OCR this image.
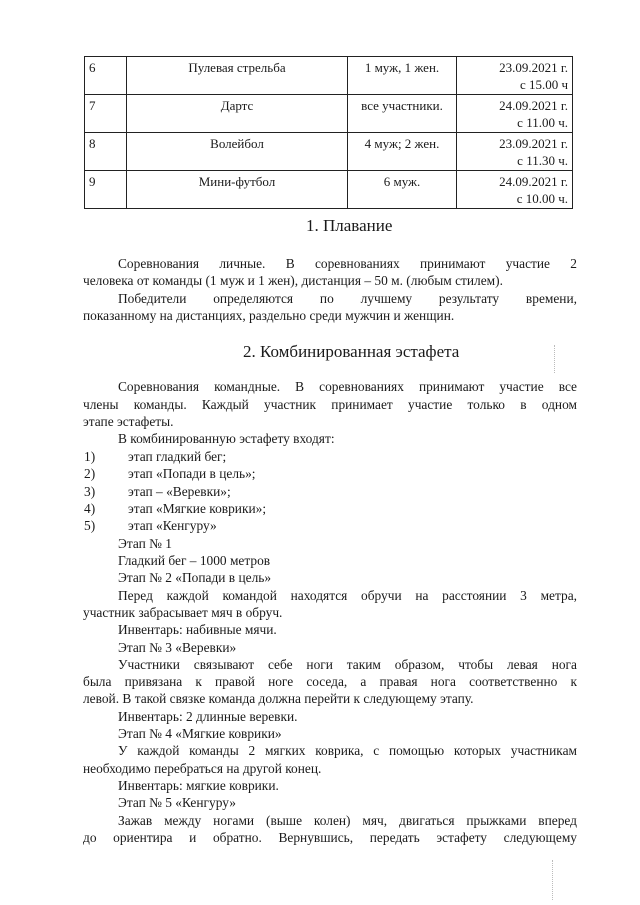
6	Пулевая стрельба	1 муж, 1 жен.	23.09.2021 г.
с 15.00 ч

7	Дартс	все участники.	24.09.2021 г.
с 11.00 ч.

8	Волейбол	4 муж; 2 жен.	23.09.2021 г.
с 11.30 ч.

9	Мини-футбол	6 муж.	24.09.2021 г.
с 10.00 ч.
1. Плавание
Соревнования личные. В соревнованиях принимают участие 2
человека от команды (1 муж и 1 жен), дистанция – 50 м. (любым стилем).
Победители определяются по лучшему результату времени,
показанному на дистанциях, раздельно среди мужчин и женщин.
2. Комбинированная эстафета
Соревнования командные. В соревнованиях принимают участие все
члены команды. Каждый участник принимает участие только в одном
этапе эстафеты.
В комбинированную эстафету входят:
1) этап гладкий бег;
2) этап «Попади в цель»;
3) этап – «Веревки»;
4) этап «Мягкие коврики»;
5) этап «Кенгуру»
Этап № 1
Гладкий бег – 1000 метров
Этап № 2 «Попади в цель»
Перед каждой командой находятся обручи на расстоянии 3 метра,
участник забрасывает мяч в обруч.
Инвентарь: набивные мячи.
Этап № 3 «Веревки»
Участники связывают себе ноги таким образом, чтобы левая нога
была привязана к правой ноге соседа, а правая нога соответственно к
левой. В такой связке команда должна перейти к следующему этапу.
Инвентарь: 2 длинные веревки.
Этап № 4 «Мягкие коврики»
У каждой команды 2 мягких коврика, с помощью которых участникам
необходимо перебраться на другой конец.
Инвентарь: мягкие коврики.
Этап № 5 «Кенгуру»
Зажав между ногами (выше колен) мяч, двигаться прыжками вперед
до ориентира и обратно. Вернувшись, передать эстафету следующему
